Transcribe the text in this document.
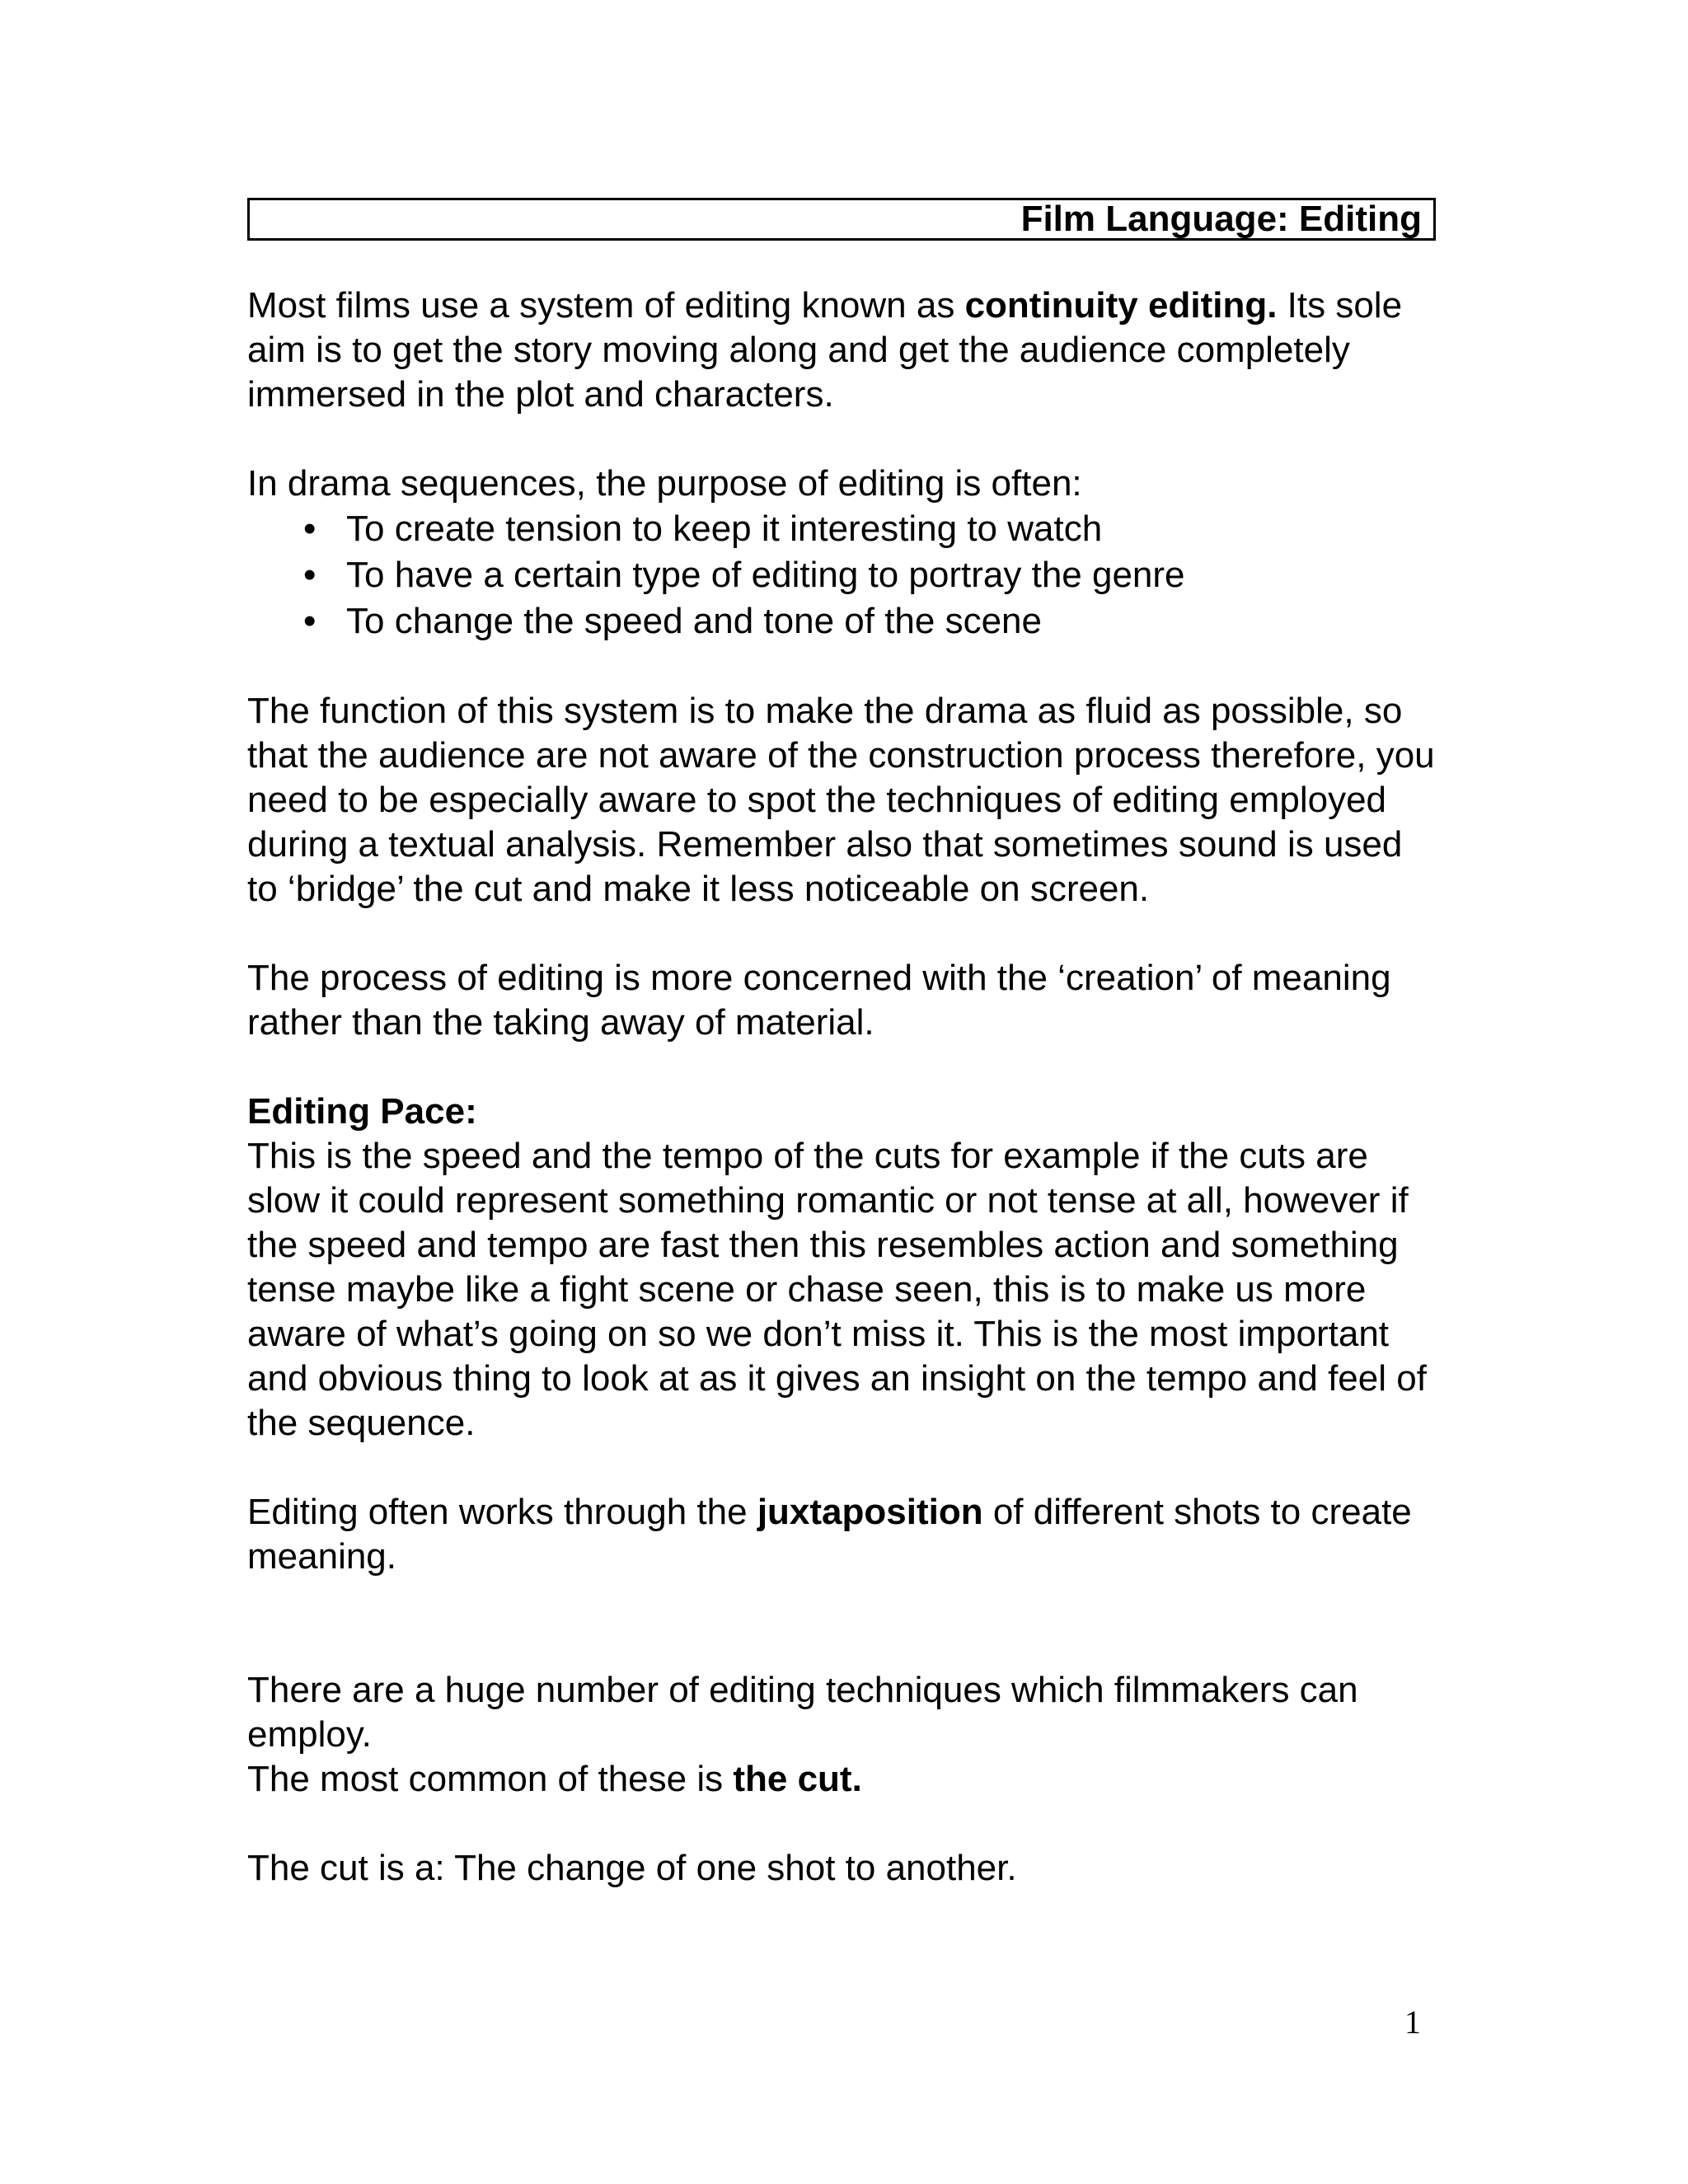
Film Language: Editing

Most films use a system of editing known as continuity editing. Its sole aim is to get the story moving along and get the audience completely immersed in the plot and characters.

In drama sequences, the purpose of editing is often:

• To create tension to keep it interesting to watch
• To have a certain type of editing to portray the genre
• To change the speed and tone of the scene

The function of this system is to make the drama as fluid as possible, so that the audience are not aware of the construction process therefore, you need to be especially aware to spot the techniques of editing employed during a textual analysis. Remember also that sometimes sound is used to ‘bridge’ the cut and make it less noticeable on screen.

The process of editing is more concerned with the ‘creation’ of meaning rather than the taking away of material.

Editing Pace:

This is the speed and the tempo of the cuts for example if the cuts are slow it could represent something romantic or not tense at all, however if the speed and tempo are fast then this resembles action and something tense maybe like a fight scene or chase seen, this is to make us more aware of what’s going on so we don’t miss it. This is the most important and obvious thing to look at as it gives an insight on the tempo and feel of the sequence.

Editing often works through the juxtaposition of different shots to create meaning.

There are a huge number of editing techniques which filmmakers can employ.

The most common of these is the cut.

The cut is a: The change of one shot to another.

1
